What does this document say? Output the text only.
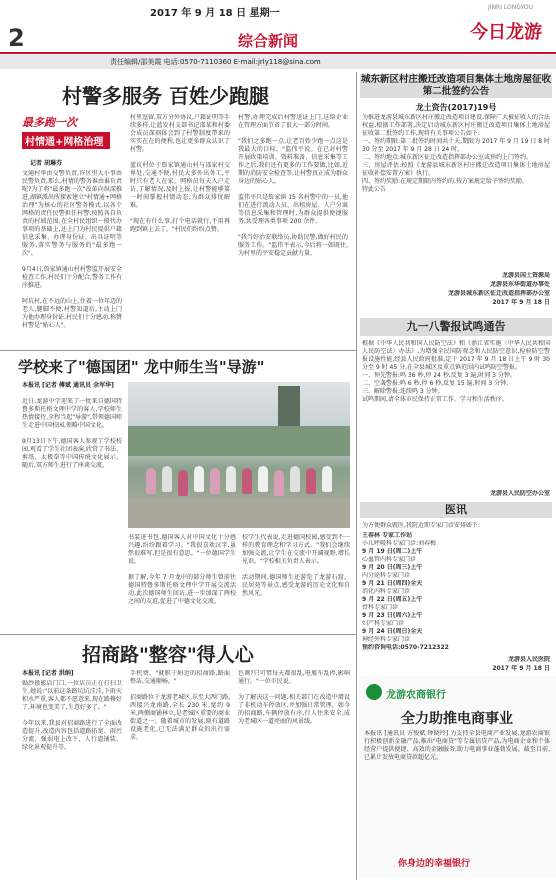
2017 年 9 月 18 日 星期一
JINRI LONGYOU
今日龙游
2	综合新闻
责任编辑/邵美霞 电话:0570-7110360 E-mail:jrly118@sina.com
村警多服务 百姓少跑腿
最多跑一次
村情通+网格治理
记者 胡琳芬
文通村华由交警负责,许区里大小事由民警负责,那么,村情的警务谁由谁负责呢?为了将"最多跑一次"改革向纵深推进,湖镇派出所探索建立"村情通+网格治理"为核心的社区警务模式,以各个网格的责任民警担任村警,按照各自负责的村域范围,在全村民组织一般代办事项的基础上,还上门为村民提供户籍信息采集、办理身份证、出具证明等服务,落实警务与服务的"最多跑一次"。

9月4日,詹家镇通山村村警监开展安全检查工作,村民们十分配合,警务工作有序推进。

阿坑村,在不远的山上,住着一位年迈的老人,腿脚不便,村警知道后,主动上门为他办理身份证,村民们十分感动,称赞村警是"贴心人"。
村里逗留,双方分外协议,户籍证明等手续多样,让蓝发村支部书记邵某和村委会成员深刻体会到了村警制度带来的实实在在的便利,也让更多群众认识了村警。

蓝坑村位于詹家镇通山村与邵家村交界处,交通不便,村民大多外出务工,平时只有老人在家。网格员每天入户走访,了解情况,及时上报,让村警能够第一时间掌握村情动态,为群众排忧解难。

"现在有什么事,打个电话就行,不用再跑到镇上去了。"村民们纷纷点赞。
村警,办理完成后村警送证上门,这给企业在管理方面节省了很大一部分时间。

"我们之多跑一点,让老百姓少跑一点这是我最大的目标。"监伟平说。在已对村警开展政策培训、资料准备、信息采集等工作之后,我们还有更多的工作要做,比如,近期的消防安全检查等,让村警真正成为群众身边的贴心人。

监伟平只是詹家镇 15 名村警中的一员,他们在进行流动人员、出租房屋、人户分离等信息采集和管理时,为群众提供便捷服务,共受理各类事项 200 余件。

"我当好治安联络员,协助民警,做好村民的服务工作。"监伟平表示,今后将一如既往,为村里的平安稳定贡献力量。
城东新区村庄搬迁改造项目集体土地房屋征收第二批签约公告
龙土资告(2017)19号
为推进龙游县城东新区村庄搬迁改造项目建设,保障广大被征收人的合法权益,根据工作部署,决定启动城东新区村庄搬迁改造项目集体土地房屋征收第二批签约工作,现将有关事项公告如下:
一、签约期限:第二批签约时间共十天,期限为 2017 年 9 月 19 日 8 时 30 分至 2017 年 9 月 28 日 24 时。
二、签约地点:城东新区征迁改造指挥部办公室或预约上门签约。
三、房屋评估:按照《龙游县城东新区村庄搬迁改造项目集体土地房屋征收补偿安置方案》执行。
四、签约奖励:在规定期限内签约的,按方案规定给予签约奖励。
特此公告
龙游县国土资源局
龙游县东华街道办事处
龙游县城东新区征迁改造指挥部办公室
2017 年 9 月 18 日
九一八警报试鸣通告
根据《中华人民共和国人民防空法》和《浙江省实施〈中华人民共和国人民防空法〉办法》,为增强全民国防观念和人民防空意识,检验防空警报设施性能,经县人民政府批准,定于 2017 年 9 月 18 日上午 9 时 30 分至 9 时 45 分,在全县城区及重点镇范围内试鸣防空警报。
一、预先警报:鸣 36 秒,停 24 秒,反复 3 遍,时间 3 分钟。
二、空袭警报:鸣 6 秒,停 6 秒,反复 15 遍,时间 3 分钟。
三、解除警报:连续鸣 3 分钟。
试鸣期间,请全体市民保持正常工作、学习和生活秩序。
龙游县人民防空办公室
医讯
为方便群众就医,我院近期专家门诊安排如下:
王春林 专家工作站
小儿呼吸科专家门诊:刘春梅
9 月 19 日(周二)上午
心血管内科专家门诊
9 月 20 日(周三)上午
内分泌科专家门诊
9 月 21 日(周四)全天
消化内科专家门诊
9 月 22 日(周五)上午
骨科专家门诊
9 月 23 日(周六)上午
妇产科专家门诊
9 月 24 日(周日)全天
神经外科专家门诊
预约咨询电话:0570-7212322
龙游县人民医院
2017 年 9 月 18 日
龙游农商银行
全力助推电商事业
本报讯 [通讯员 方俊斌 钟晓玲] 为支持全县电商产业发展,龙游农商银行积极创新金融产品,推出"电商贷"等专属信贷产品,为电商企业和个体经营户提供便捷、高效的金融服务,助力电商事业蓬勃发展。截至目前,已累计发放电商贷款超亿元。
你身边的幸福银行
学校来了"德国团" 龙中师生当"导游"
本报讯 [记者 傅斌 通讯员 余军华]
近日,龙游中学迎来了一批来自德国特鲁多斯托格文理中学的客人,学校师生热情接待,全程当起"导游",带领德国师生走进中国校园,领略中国文化。

9月13日下午,德国客人参观了学校校园,观看了学生社团表演,欣赏了书法、剪纸、太极拳等中国传统文化展示。随后,双方师生进行了座谈交流。
书装进书包,德国客人对中国文化十分感兴趣,纷纷跟着学习。"我很喜欢汉字,虽然很难写,但是很有意思。"一位德国学生说。

据了解,今年 7 月龙中的部分师生曾前往德国特鲁多斯托格文理中学开展交流活动,此次德国师生回访,进一步加深了两校之间的友谊,促进了中德文化交流。
校学生代表说,走进德国校园,感受到不一样的教育理念和学习方式。"我们会继续加强交流,让学生在交流中开阔视野,增长见识。"学校相关负责人表示。

活动期间,德国师生还游览了龙游石窟、民居苑等景点,感受龙游的历史文化和自然风光。
招商路"整容"得人心
本报讯 [记者 洪纳]
婚纱摄影店门口,一位店员正在打扫卫生,她说:"以前这条路坑坑洼洼,下雨天积水严重,客人都不愿意来,现在路修好了,环境也变美了,生意好多了。"

今年以来,我县对招商路进行了全面改造提升,改造内容包括道路拓宽、雨污分流、强弱电上改下、人行道铺装、绿化景观提升等。
手机费。"就职于附近的招商路,路面整洁,交通顺畅。"

招商路位于龙游老城区,东至大西门路,西接兴龙南路,全长 230 米,宽约 9 米,两侧商铺林立,是老城区重要的商业街道之一。随着城市的发展,原有道路设施老化,已无法满足群众的出行需求。
色调?只可惜每天都很乱,电瓶车乱停,影响通行。"一位市民说。

为了解决这一问题,相关部门在改造中增设了非机动车停放区,并加强日常管理。如今的招商路,车辆停放有序,行人往来安全,成为老城区一道亮丽的风景线。
